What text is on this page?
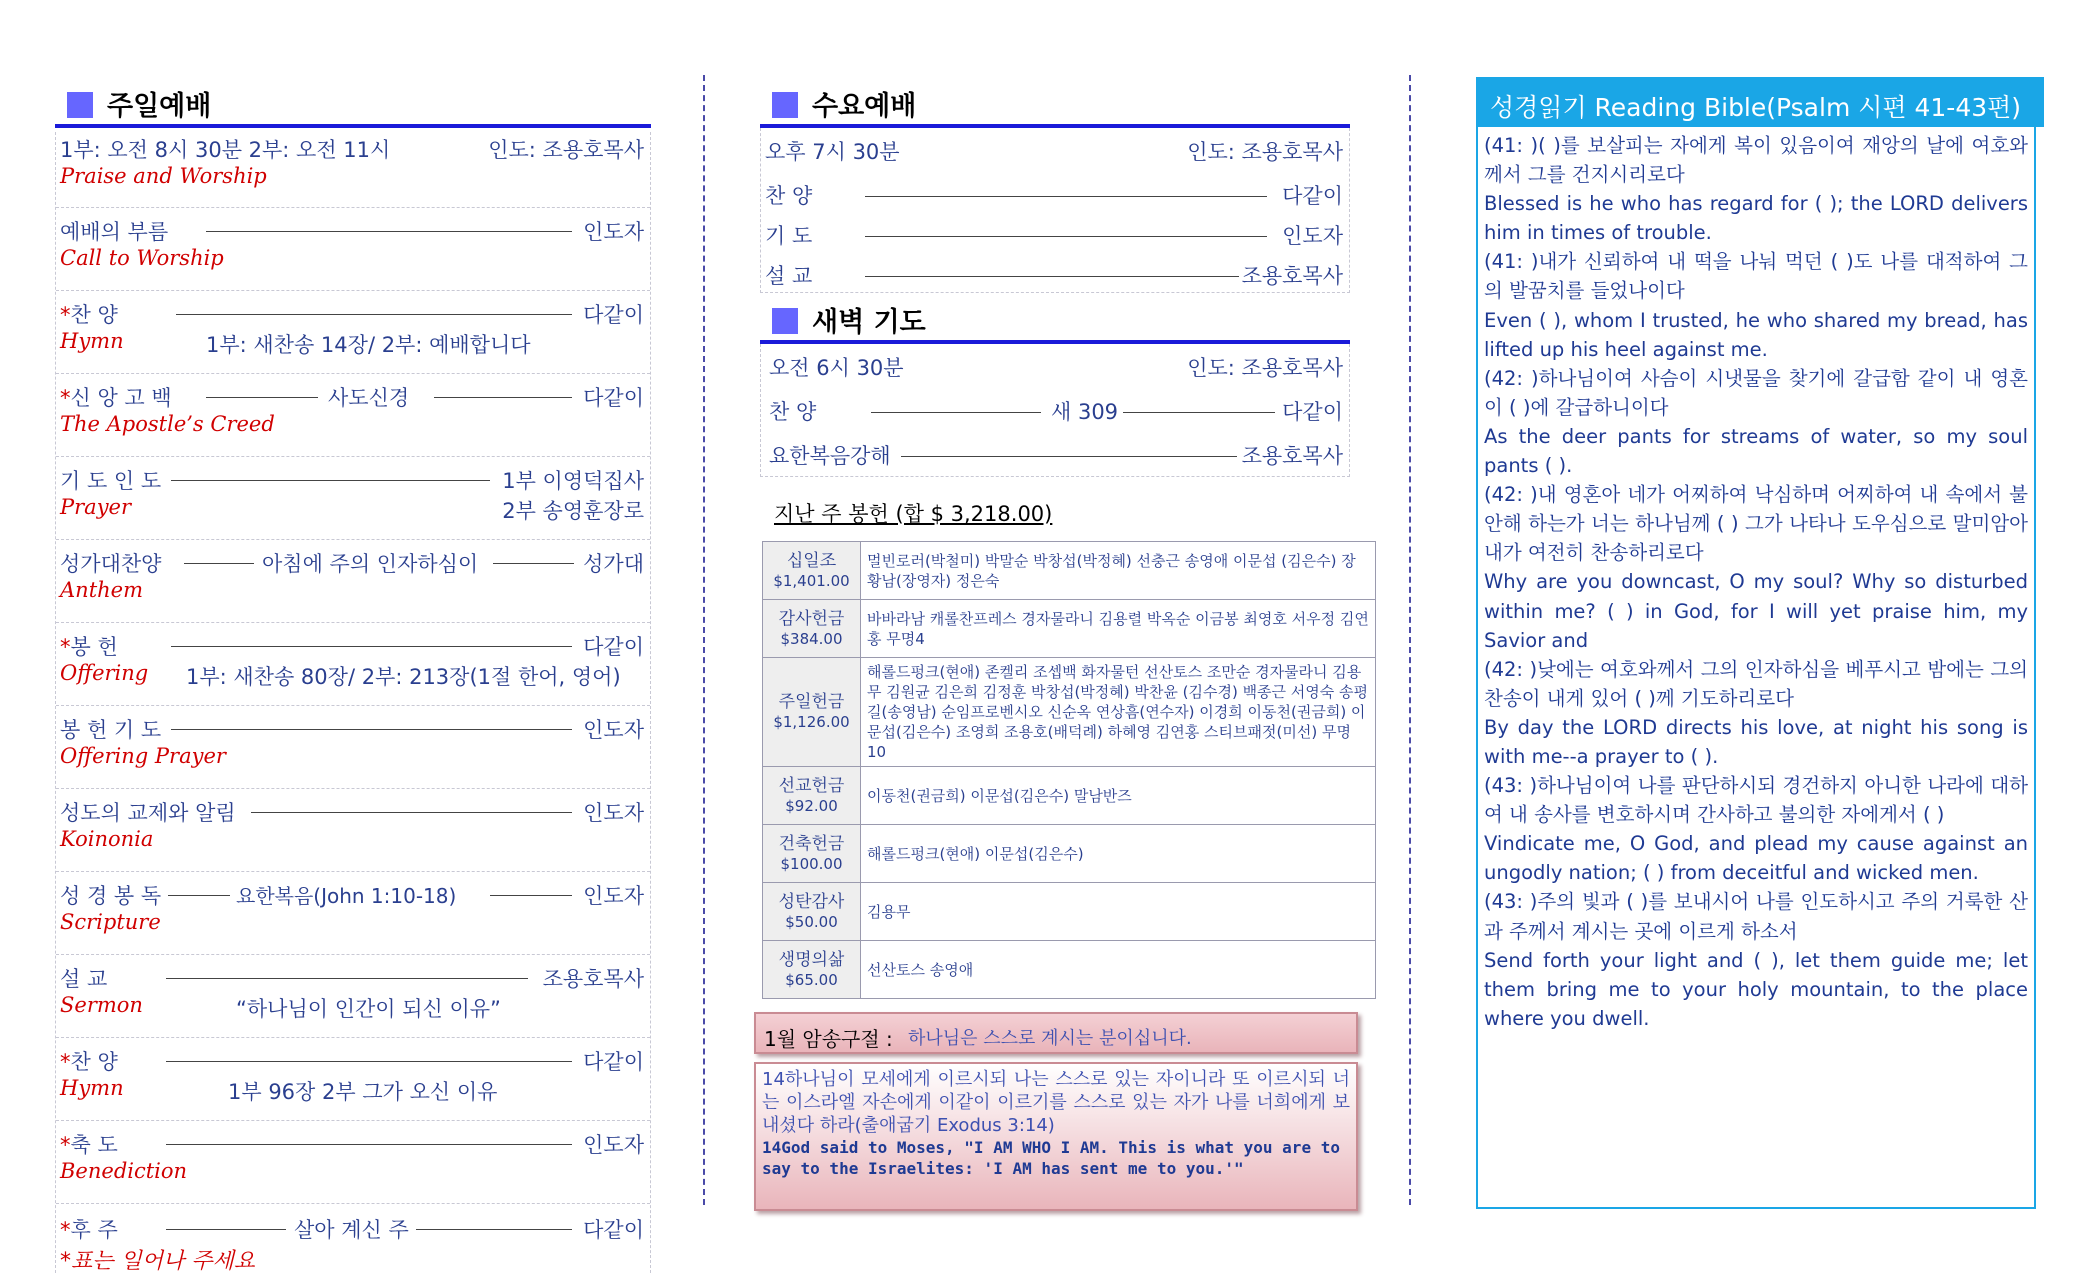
주일예배
1부: 오전 8시 30분 2부: 오전 11시	인도: 조용호목사
Praise and Worship
예배의 부름	인도자
Call to Worship
*찬 양	다같이
Hymn	1부: 새찬송 14장/ 2부: 예배합니다
*신 앙 고 백	사도신경	다같이
The Apostle’s Creed
기 도 인 도	1부 이영덕집사
Prayer	2부 송영훈장로
성가대찬양	아침에 주의 인자하심이	성가대
Anthem
*봉 헌	다같이
Offering 1부: 새찬송 80장/ 2부: 213장(1절 한어, 영어)
봉 헌 기 도	인도자
Offering Prayer
성도의 교제와 알림	인도자
Koinonia
성 경 봉 독	요한복음(John 1:10-18)	인도자
Scripture
설 교	조용호목사
Sermon	“하나님이 인간이 되신 이유”
*찬 양	다같이
Hymn	1부 96장 2부 그가 오신 이유
*축 도	인도자
Benediction
*후 주	살아 계신 주	다같이
*표는 일어나 주세요
수요예배
오후 7시 30분	인도: 조용호목사
찬 양	다같이
기 도	인도자
설 교	조용호목사
새벽 기도
오전 6시 30분	인도: 조용호목사
찬 양	새 309	다같이
요한복음강해	조용호목사
지난 주 봉헌 (합 $ 3,218.00)
십일조
$1,401.00	멀빈로러(박철미) 박말순 박창섭(박정혜) 선충근 송영애 이문섭 (김은수) 장황남(장영자) 정은숙

감사헌금
$384.00	바바라남 캐롤찬프레스 경자물라니 김용렬 박옥순 이금봉 최영호 서우정 김연홍 무명4

주일헌금
$1,126.00	해롤드펑크(현애) 존켈리 조셉백 화자물턴 선산토스 조만순 경자물라니 김용무 김원균 김은희 김정훈 박창섭(박정혜) 박찬윤 (김수경) 백종근 서영숙 송평길(송영남) 순임프로벤시오 신순옥 연상흠(연수자) 이경희 이동천(권금희) 이문섭(김은수) 조영희 조용호(배덕례) 하혜영 김연홍 스티브패젓(미선) 무명10

선교헌금
$92.00	이동천(권금희) 이문섭(김은수) 말남반즈

건축헌금
$100.00	해롤드펑크(현애) 이문섭(김은수)

성탄감사
$50.00	김용무

생명의삶
$65.00	선산토스 송영애
1월 암송구절 : 하나님은 스스로 계시는 분이십니다.
14하나님이 모세에게 이르시되 나는 스스로 있는 자이니라 또 이르시되 너는 이스라엘 자손에게 이같이 이르기를 스스로 있는 자가 나를 너희에게 보내셨다 하라(출애굽기 Exodus 3:14)
14God said to Moses, "I AM WHO I AM. This is what you are to say to the Israelites: 'I AM has sent me to you.'"
성경읽기 Reading Bible(Psalm 시편 41-43편)

(41: )( )를 보살피는 자에게 복이 있음이여 재앙의 날에 여호와께서 그를 건지시리로다

Blessed is he who has regard for ( ); the LORD delivers him in times of trouble.

(41: )내가 신뢰하여 내 떡을 나눠 먹던 ( )도 나를 대적하여 그의 발꿈치를 들었나이다

Even ( ), whom I trusted, he who shared my bread, has lifted up his heel against me.

(42: )하나님이여 사슴이 시냇물을 찾기에 갈급함 같이 내 영혼이 ( )에 갈급하니이다

As the deer pants for streams of water, so my soul pants ( ).

(42: )내 영혼아 네가 어찌하여 낙심하며 어찌하여 내 속에서 불안해 하는가 너는 하나님께 ( ) 그가 나타나 도우심으로 말미암아 내가 여전히 찬송하리로다

Why are you downcast, O my soul? Why so disturbed within me? ( ) in God, for I will yet praise him, my Savior and

(42: )낮에는 여호와께서 그의 인자하심을 베푸시고 밤에는 그의 찬송이 내게 있어 ( )께 기도하리로다

By day the LORD directs his love, at night his song is with me--a prayer to ( ).

(43: )하나님이여 나를 판단하시되 경건하지 아니한 나라에 대하여 내 송사를 변호하시며 간사하고 불의한 자에게서 ( )

Vindicate me, O God, and plead my cause against an ungodly nation; ( ) from deceitful and wicked men.

(43: )주의 빛과 ( )를 보내시어 나를 인도하시고 주의 거룩한 산과 주께서 계시는 곳에 이르게 하소서

Send forth your light and ( ), let them guide me; let them bring me to your holy mountain, to the place where you dwell.
